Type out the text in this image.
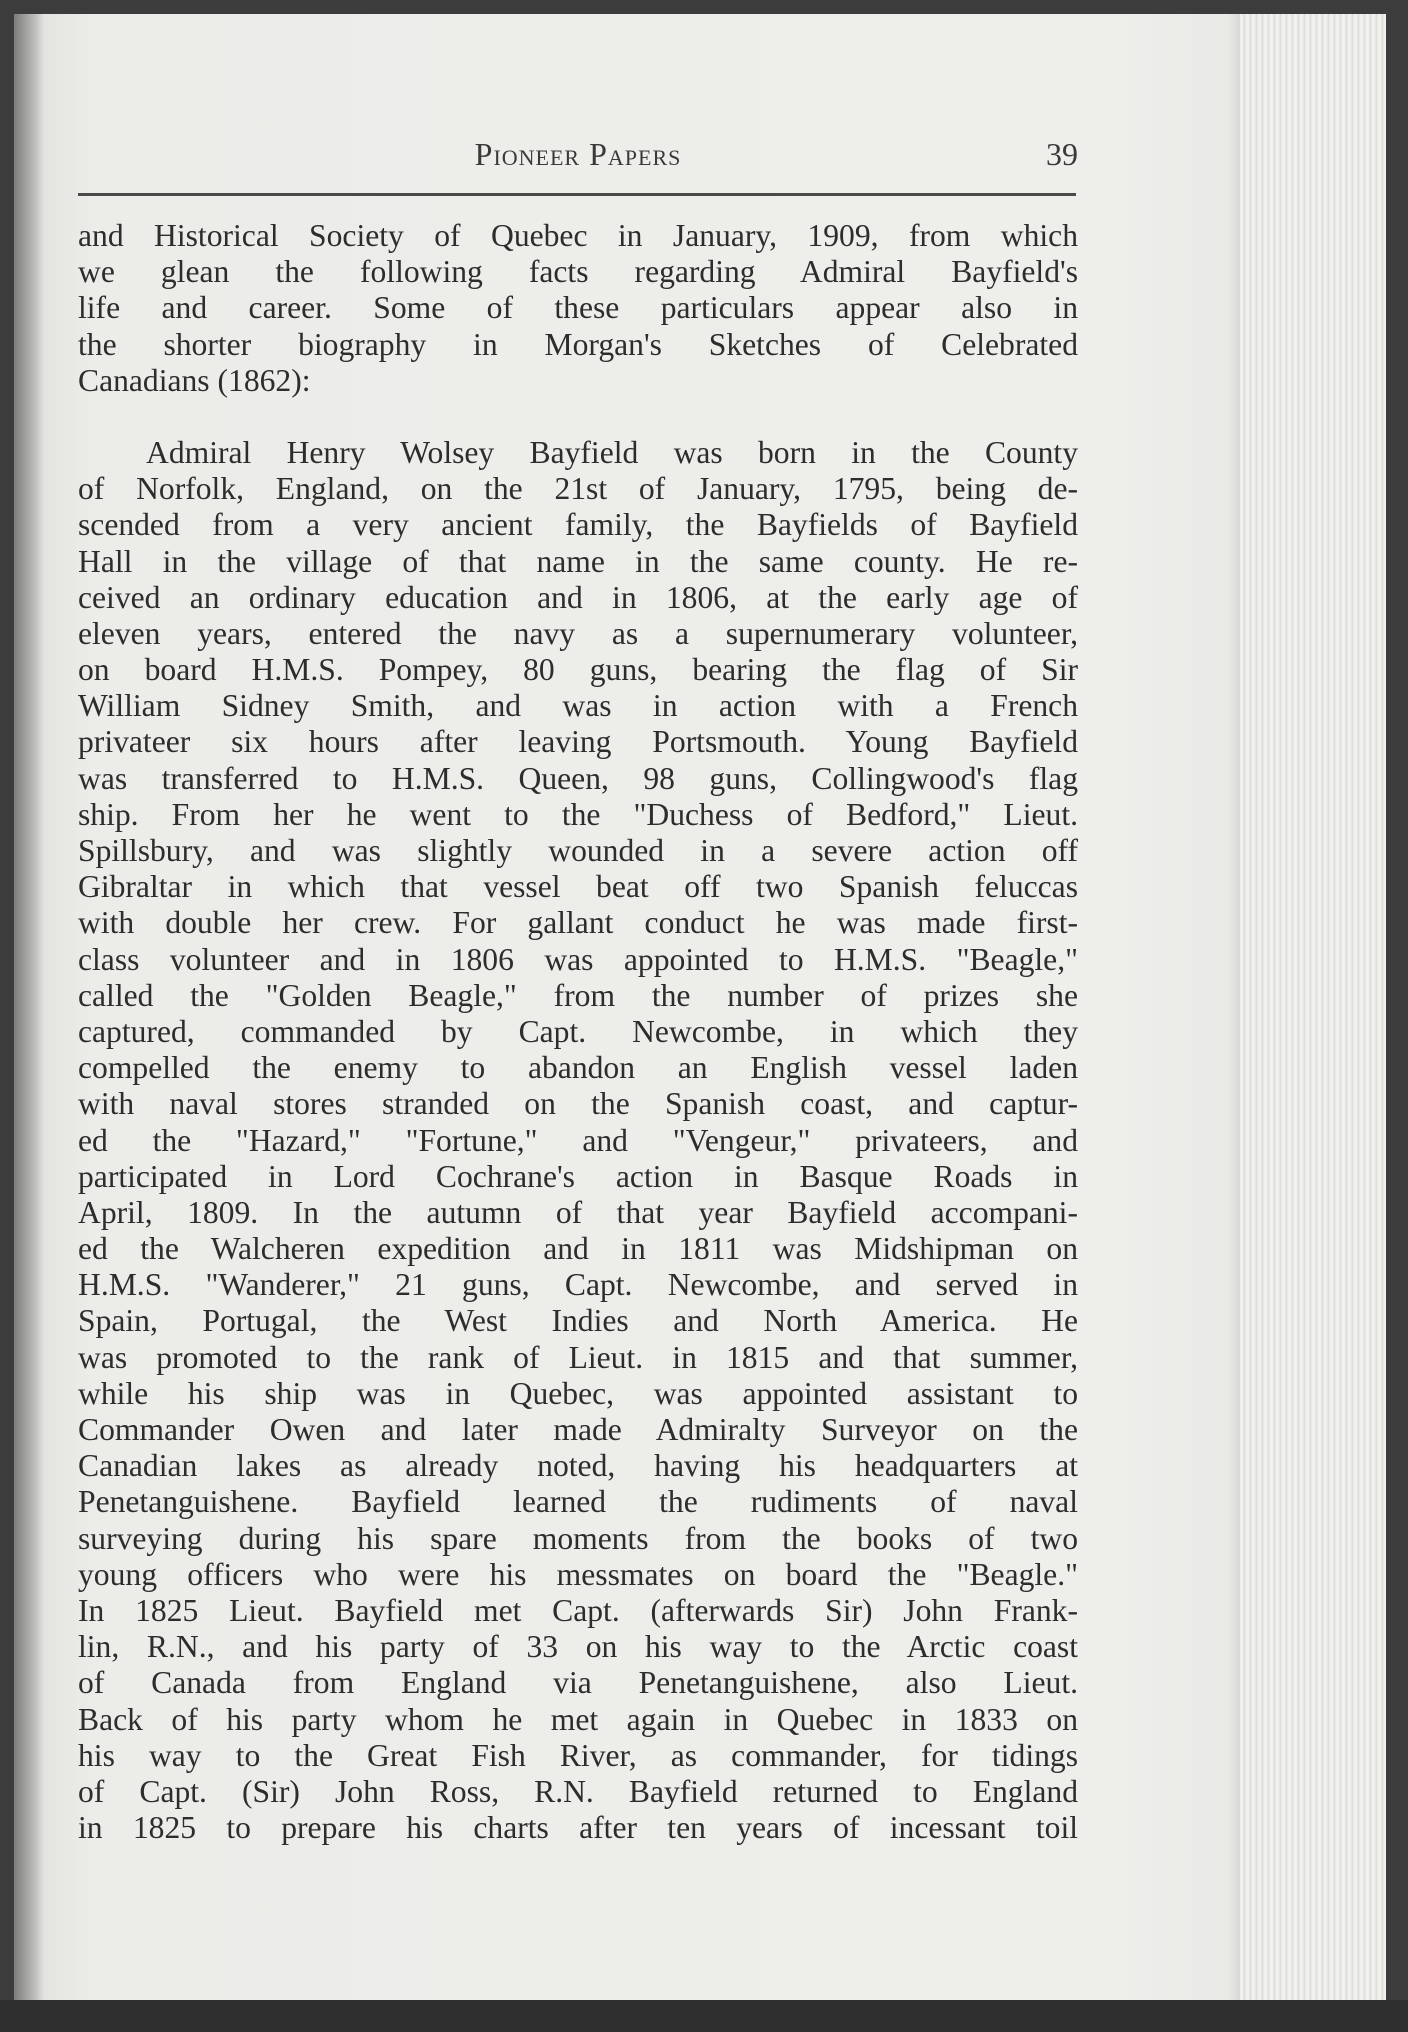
Pioneer Papers	39
and Historical Society of Quebec in January, 1909, from which
we glean the following facts regarding Admiral Bayfield's
life and career. Some of these particulars appear also in
the shorter biography in Morgan's Sketches of Celebrated
Canadians (1862):
Admiral Henry Wolsey Bayfield was born in the County
of Norfolk, England, on the 21st of January, 1795, being de-
scended from a very ancient family, the Bayfields of Bayfield
Hall in the village of that name in the same county. He re-
ceived an ordinary education and in 1806, at the early age of
eleven years, entered the navy as a supernumerary volunteer,
on board H.M.S. Pompey, 80 guns, bearing the flag of Sir
William Sidney Smith, and was in action with a French
privateer six hours after leaving Portsmouth. Young Bayfield
was transferred to H.M.S. Queen, 98 guns, Collingwood's flag
ship. From her he went to the "Duchess of Bedford," Lieut.
Spillsbury, and was slightly wounded in a severe action off
Gibraltar in which that vessel beat off two Spanish feluccas
with double her crew. For gallant conduct he was made first-
class volunteer and in 1806 was appointed to H.M.S. "Beagle,"
called the "Golden Beagle," from the number of prizes she
captured, commanded by Capt. Newcombe, in which they
compelled the enemy to abandon an English vessel laden
with naval stores stranded on the Spanish coast, and captur-
ed the "Hazard," "Fortune," and "Vengeur," privateers, and
participated in Lord Cochrane's action in Basque Roads in
April, 1809. In the autumn of that year Bayfield accompani-
ed the Walcheren expedition and in 1811 was Midshipman on
H.M.S. "Wanderer," 21 guns, Capt. Newcombe, and served in
Spain, Portugal, the West Indies and North America. He
was promoted to the rank of Lieut. in 1815 and that summer,
while his ship was in Quebec, was appointed assistant to
Commander Owen and later made Admiralty Surveyor on the
Canadian lakes as already noted, having his headquarters at
Penetanguishene. Bayfield learned the rudiments of naval
surveying during his spare moments from the books of two
young officers who were his messmates on board the "Beagle."
In 1825 Lieut. Bayfield met Capt. (afterwards Sir) John Frank-
lin, R.N., and his party of 33 on his way to the Arctic coast
of Canada from England via Penetanguishene, also Lieut.
Back of his party whom he met again in Quebec in 1833 on
his way to the Great Fish River, as commander, for tidings
of Capt. (Sir) John Ross, R.N. Bayfield returned to England
in 1825 to prepare his charts after ten years of incessant toil
